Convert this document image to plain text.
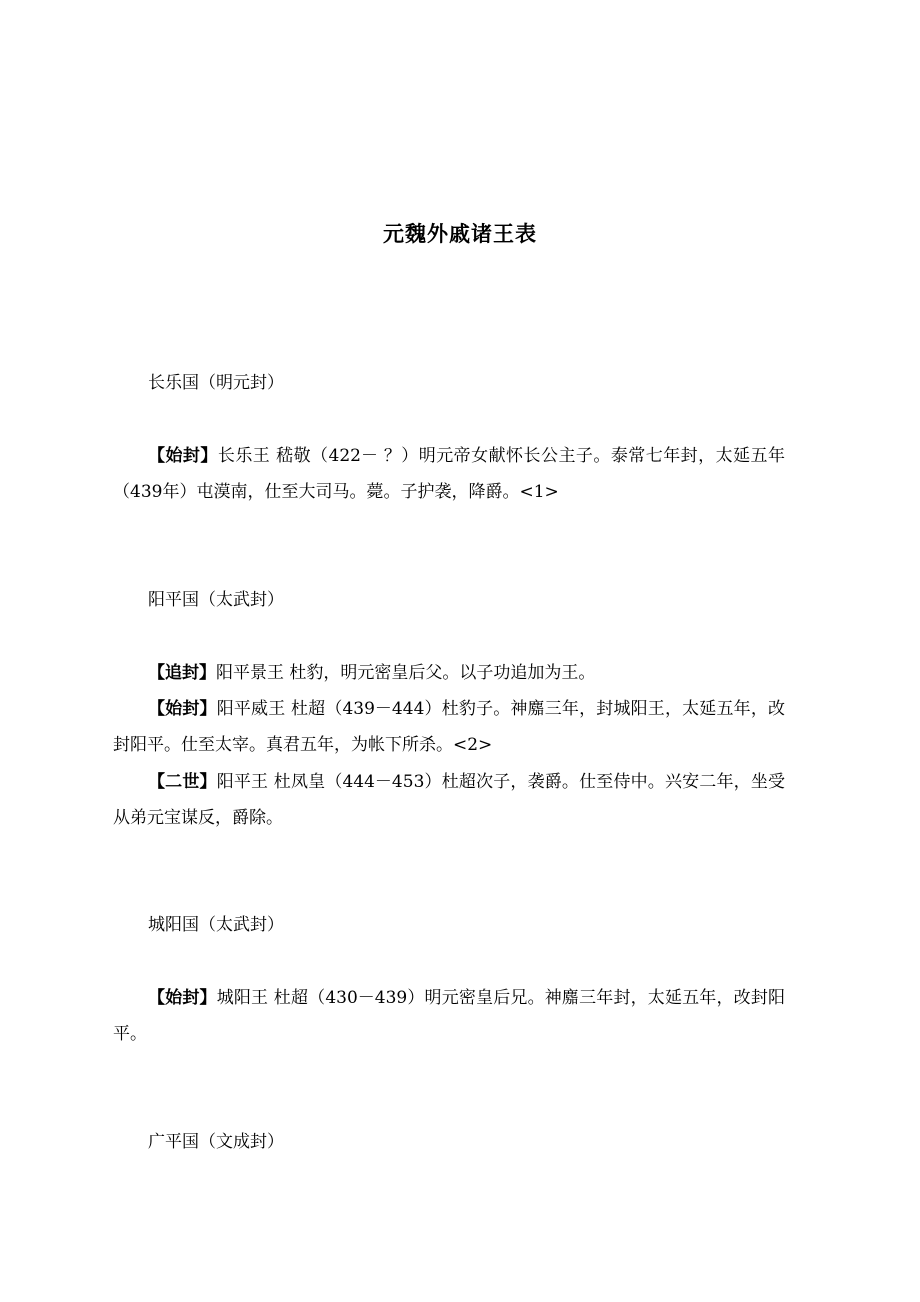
元魏外戚诸王表
长乐国（明元封）

【始封】长乐王 嵇敬（422－ ？）明元帝女献怀长公主子。泰常七年封，太延五年（439年）屯漠南，仕至大司马。薨。子护袭，降爵。<1>

阳平国（太武封）

【追封】阳平景王 杜豹，明元密皇后父。以子功追加为王。

【始封】阳平威王 杜超（439－444）杜豹子。神䴥三年，封城阳王，太延五年，改封阳平。仕至太宰。真君五年，为帐下所杀。<2>

【二世】阳平王 杜凤皇（444－453）杜超次子，袭爵。仕至侍中。兴安二年，坐受从弟元宝谋反，爵除。

城阳国（太武封）

【始封】城阳王 杜超（430－439）明元密皇后兄。神䴥三年封，太延五年，改封阳平。

广平国（文成封）
